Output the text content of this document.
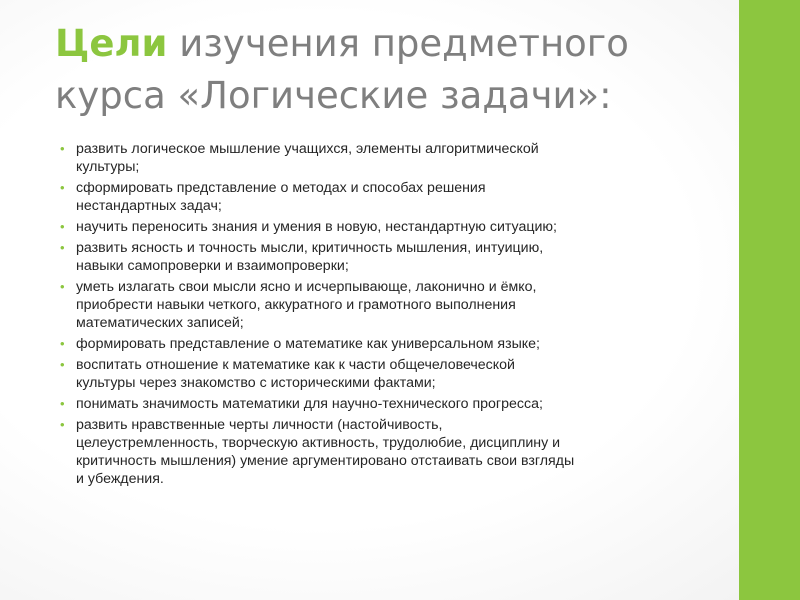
Цели изучения предметного курса «Логические задачи»:
• развить логическое мышление учащихся, элементы алгоритмической
культуры;
• сформировать представление о методах и способах решения
нестандартных задач;
• научить переносить знания и умения в новую, нестандартную ситуацию;
• развить ясность и точность мысли, критичность мышления, интуицию,
навыки самопроверки и взаимопроверки;
• уметь излагать свои мысли ясно и исчерпывающе, лаконично и ёмко,
приобрести навыки четкого, аккуратного и грамотного выполнения
математических записей;
• формировать представление о математике как универсальном языке;
• воспитать отношение к математике как к части общечеловеческой
культуры через знакомство с историческими фактами;
• понимать значимость математики для научно-технического прогресса;
• развить нравственные черты личности (настойчивость,
целеустремленность, творческую активность, трудолюбие, дисциплину и
критичность мышления) умение аргументировано отстаивать свои взгляды
и убеждения.
